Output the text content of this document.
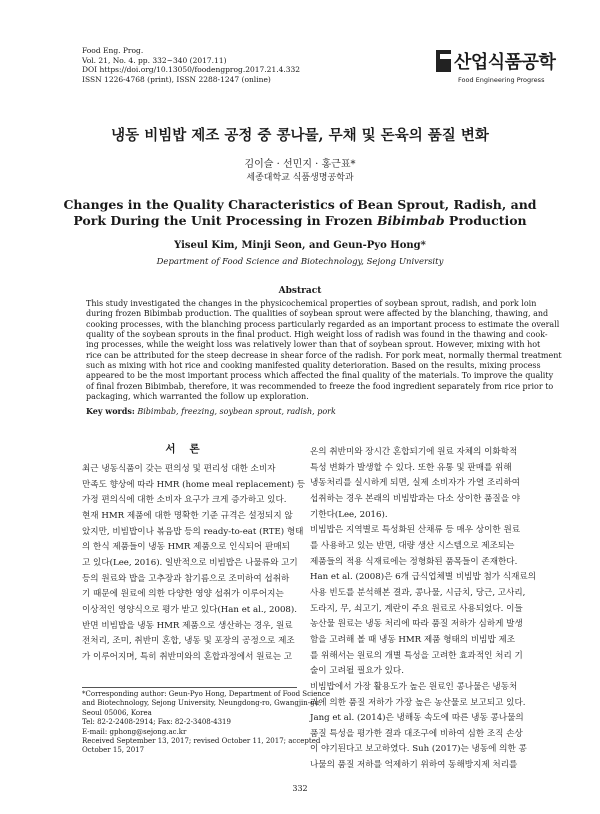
Food Eng. Prog.
Vol. 21, No. 4. pp. 332~340 (2017.11)
DOI https://doi.org/10.13050/foodengprog.2017.21.4.332
ISSN 1226-4768 (print), ISSN 2288-1247 (online)
산업식품공학
Food Engineering Progress
냉동 비빔밥 제조 공정 중 콩나물, 무채 및 돈육의 품질 변화
김이슬 · 선민지 · 홍근표*
세종대학교 식품생명공학과
Changes in the Quality Characteristics of Bean Sprout, Radish, and
Pork During the Unit Processing in Frozen Bibimbab Production
Yiseul Kim, Minji Seon, and Geun-Pyo Hong*
Department of Food Science and Biotechnology, Sejong University
Abstract
This study investigated the changes in the physicochemical properties of soybean sprout, radish, and pork loin
during frozen Bibimbab production. The qualities of soybean sprout were affected by the blanching, thawing, and
cooking processes, with the blanching process particularly regarded as an important process to estimate the overall
quality of the soybean sprouts in the final product. High weight loss of radish was found in the thawing and cook-
ing processes, while the weight loss was relatively lower than that of soybean sprout. However, mixing with hot
rice can be attributed for the steep decrease in shear force of the radish. For pork meat, normally thermal treatment
such as mixing with hot rice and cooking manifested quality deterioration. Based on the results, mixing process
appeared to be the most important process which affected the final quality of the materials. To improve the quality
of final frozen Bibimbab, therefore, it was recommended to freeze the food ingredient separately from rice prior to
packaging, which warranted the follow up exploration.
Key words: Bibimbab, freezing, soybean sprout, radish, pork
서론
최근 냉동식품이 갖는 편의성 및 편리성 대한 소비자
만족도 향상에 따라 HMR (home meal replacement) 등
가정 편의식에 대한 소비자 요구가 크게 증가하고 있다.
현재 HMR 제품에 대한 명확한 기준 규격은 설정되지 않
았지만, 비빔밥이나 볶음밥 등의 ready-to-eat (RTE) 형태
의 한식 제품들이 냉동 HMR 제품으로 인식되어 판매되
고 있다(Lee, 2016). 일반적으로 비빔밥은 나물류와 고기
등의 원료와 밥을 고추장과 참기름으로 조미하여 섭취하
기 때문에 원료에 의한 다양한 영양 섭취가 이루어지는
이상적인 영양식으로 평가 받고 있다(Han et al., 2008).
반면 비빔밥을 냉동 HMR 제품으로 생산하는 경우, 원료
전처리, 조미, 취반미 혼합, 냉동 및 포장의 공정으로 제조
가 이루어지며, 특히 취반미와의 혼합과정에서 원료는 고
온의 취반미와 장시간 혼합되기에 원료 자체의 이화학적
특성 변화가 발생할 수 있다. 또한 유통 및 판매를 위해
냉동처리를 실시하게 되면, 실제 소비자가 가열 조리하여
섭취하는 경우 본래의 비빔밥과는 다소 상이한 품질을 야
기한다(Lee, 2016).
비빔밥은 지역별로 특성화된 산채류 등 매우 상이한 원료
를 사용하고 있는 반면, 대량 생산 시스템으로 제조되는
제품들의 적용 식재료에는 정형화된 품목들이 존재한다.
Han et al. (2008)은 6개 급식업체별 비빔밥 첨가 식재료의
사용 빈도를 분석해본 결과, 콩나물, 시금치, 당근, 고사리,
도라지, 무, 쇠고기, 계란이 주요 원료로 사용되었다. 이들
농산물 원료는 냉동 처리에 따라 품질 저하가 심하게 발생
함을 고려해 볼 때 냉동 HMR 제품 형태의 비빔밥 제조
를 위해서는 원료의 개별 특성을 고려한 효과적인 처리 기
술이 고려될 필요가 있다.
비빔밥에서 가장 활용도가 높은 원료인 콩나물은 냉동처
리에 의한 품질 저하가 가장 높은 농산물로 보고되고 있다.
Jang et al. (2014)은 냉해동 속도에 따른 냉동 콩나물의
품질 특성을 평가한 결과 대조구에 비하여 심한 조직 손상
이 야기된다고 보고하였다. Suh (2017)는 냉동에 의한 콩
나물의 품질 저하를 억제하기 위하여 동해방지제 처리를
*Corresponding author: Geun-Pyo Hong, Department of Food Science
and Biotechnology, Sejong University, Neungdong-ro, Gwangjin-gu,
Seoul 05006, Korea
Tel: 82-2-2408-2914; Fax: 82-2-3408-4319
E-mail: gphong@sejong.ac.kr
Received September 13, 2017; revised October 11, 2017; accepted
October 15, 2017
332
